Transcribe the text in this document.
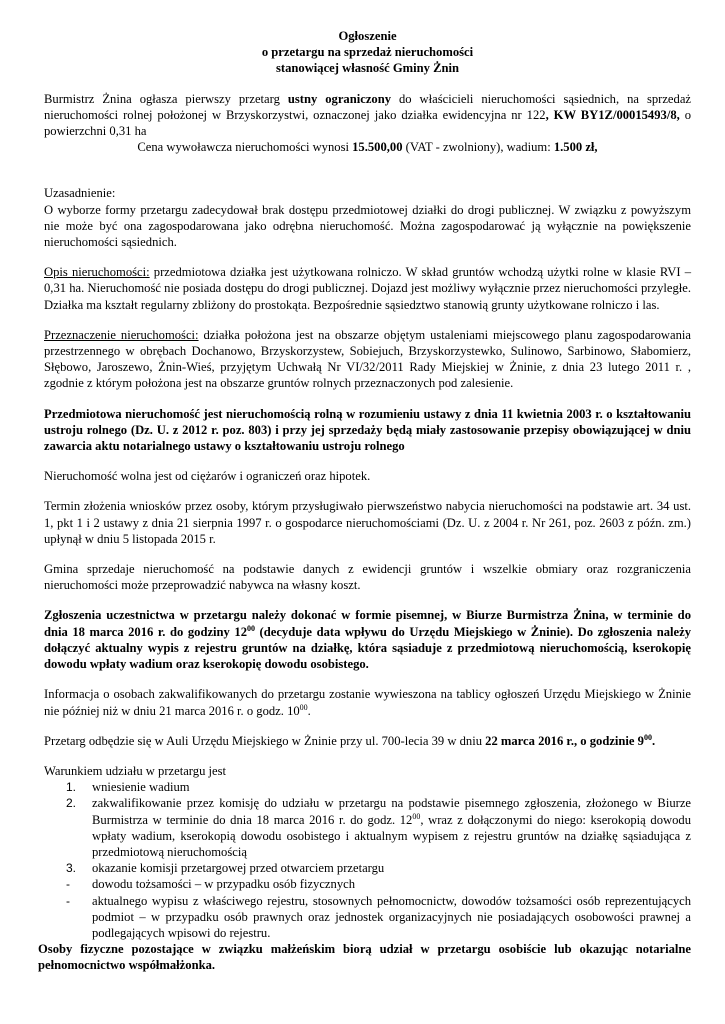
Ogłoszenie

o przetargu na sprzedaż nieruchomości

stanowiącej własność Gminy Żnin

Burmistrz Żnina ogłasza pierwszy przetarg ustny ograniczony do właścicieli nieruchomości sąsiednich, na sprzedaż nieruchomości rolnej położonej w Brzyskorzystwi, oznaczonej jako działka ewidencyjna nr 122, KW BY1Z/00015493/8, o powierzchni 0,31 ha

Cena wywoławcza nieruchomości wynosi 15.500,00 (VAT - zwolniony), wadium: 1.500 zł,

Uzasadnienie:

O wyborze formy przetargu zadecydował brak dostępu przedmiotowej działki do drogi publicznej. W związku z powyższym nie może być ona zagospodarowana jako odrębna nieruchomość. Można zagospodarować ją wyłącznie na powiększenie nieruchomości sąsiednich.

Opis nieruchomości: przedmiotowa działka jest użytkowana rolniczo. W skład gruntów wchodzą użytki rolne w klasie RVI – 0,31 ha. Nieruchomość nie posiada dostępu do drogi publicznej. Dojazd jest możliwy wyłącznie przez nieruchomości przyległe. Działka ma kształt regularny zbliżony do prostokąta. Bezpośrednie sąsiedztwo stanowią grunty użytkowane rolniczo i las.

Przeznaczenie nieruchomości: działka położona jest na obszarze objętym ustaleniami miejscowego planu zagospodarowania przestrzennego w obrębach Dochanowo, Brzyskorzystew, Sobiejuch, Brzyskorzystewko, Sulinowo, Sarbinowo, Słabomierz, Słębowo, Jaroszewo, Żnin-Wieś, przyjętym Uchwałą Nr VI/32/2011 Rady Miejskiej w Żninie, z dnia 23 lutego 2011 r. , zgodnie z którym położona jest na obszarze gruntów rolnych przeznaczonych pod zalesienie.

Przedmiotowa nieruchomość jest nieruchomością rolną w rozumieniu ustawy z dnia 11 kwietnia 2003 r. o kształtowaniu ustroju rolnego (Dz. U. z 2012 r. poz. 803) i przy jej sprzedaży będą miały zastosowanie przepisy obowiązującej w dniu zawarcia aktu notarialnego ustawy o kształtowaniu ustroju rolnego

Nieruchomość wolna jest od ciężarów i ograniczeń oraz hipotek.

Termin złożenia wniosków przez osoby, którym przysługiwało pierwszeństwo nabycia nieruchomości na podstawie art. 34 ust. 1, pkt 1 i 2 ustawy z dnia 21 sierpnia 1997 r. o gospodarce nieruchomościami (Dz. U. z 2004 r. Nr 261, poz. 2603 z późn. zm.) upłynął w dniu 5 listopada 2015 r.

Gmina sprzedaje nieruchomość na podstawie danych z ewidencji gruntów i wszelkie obmiary oraz rozgraniczenia nieruchomości może przeprowadzić nabywca na własny koszt.

Zgłoszenia uczestnictwa w przetargu należy dokonać w formie pisemnej, w Biurze Burmistrza Żnina, w terminie do dnia 18 marca 2016 r. do godziny $12^{00}$ (decyduje data wpływu do Urzędu Miejskiego w Żninie). Do zgłoszenia należy dołączyć aktualny wypis z rejestru gruntów na działkę, która sąsiaduje z przedmiotową nieruchomością, kserokopię dowodu wpłaty wadium oraz kserokopię dowodu osobistego.

Informacja o osobach zakwalifikowanych do przetargu zostanie wywieszona na tablicy ogłoszeń Urzędu Miejskiego w Żninie nie później niż w dniu 21 marca 2016 r. o godz. $10^{00}$.

Przetarg odbędzie się w Auli Urzędu Miejskiego w Żninie przy ul. 700-lecia 39 w dniu 22 marca 2016 r., o godzinie $9^{00}$.

Warunkiem udziału w przetargu jest

1. wniesienie wadium
2. zakwalifikowanie przez komisję do udziału w przetargu na podstawie pisemnego zgłoszenia, złożonego w Biurze Burmistrza w terminie do dnia 18 marca 2016 r. do godz. $12^{00}$, wraz z dołączonymi do niego: kserokopią dowodu wpłaty wadium, kserokopią dowodu osobistego i aktualnym wypisem z rejestru gruntów na działkę sąsiadująca z przedmiotową nieruchomością
3. okazanie komisji przetargowej przed otwarciem przetargu
- dowodu tożsamości – w przypadku osób fizycznych
- aktualnego wypisu z właściwego rejestru, stosownych pełnomocnictw, dowodów tożsamości osób reprezentujących podmiot – w przypadku osób prawnych oraz jednostek organizacyjnych nie posiadających osobowości prawnej a podlegających wpisowi do rejestru.

Osoby fizyczne pozostające w związku małżeńskim biorą udział w przetargu osobiście lub okazując notarialne pełnomocnictwo współmałżonka.
